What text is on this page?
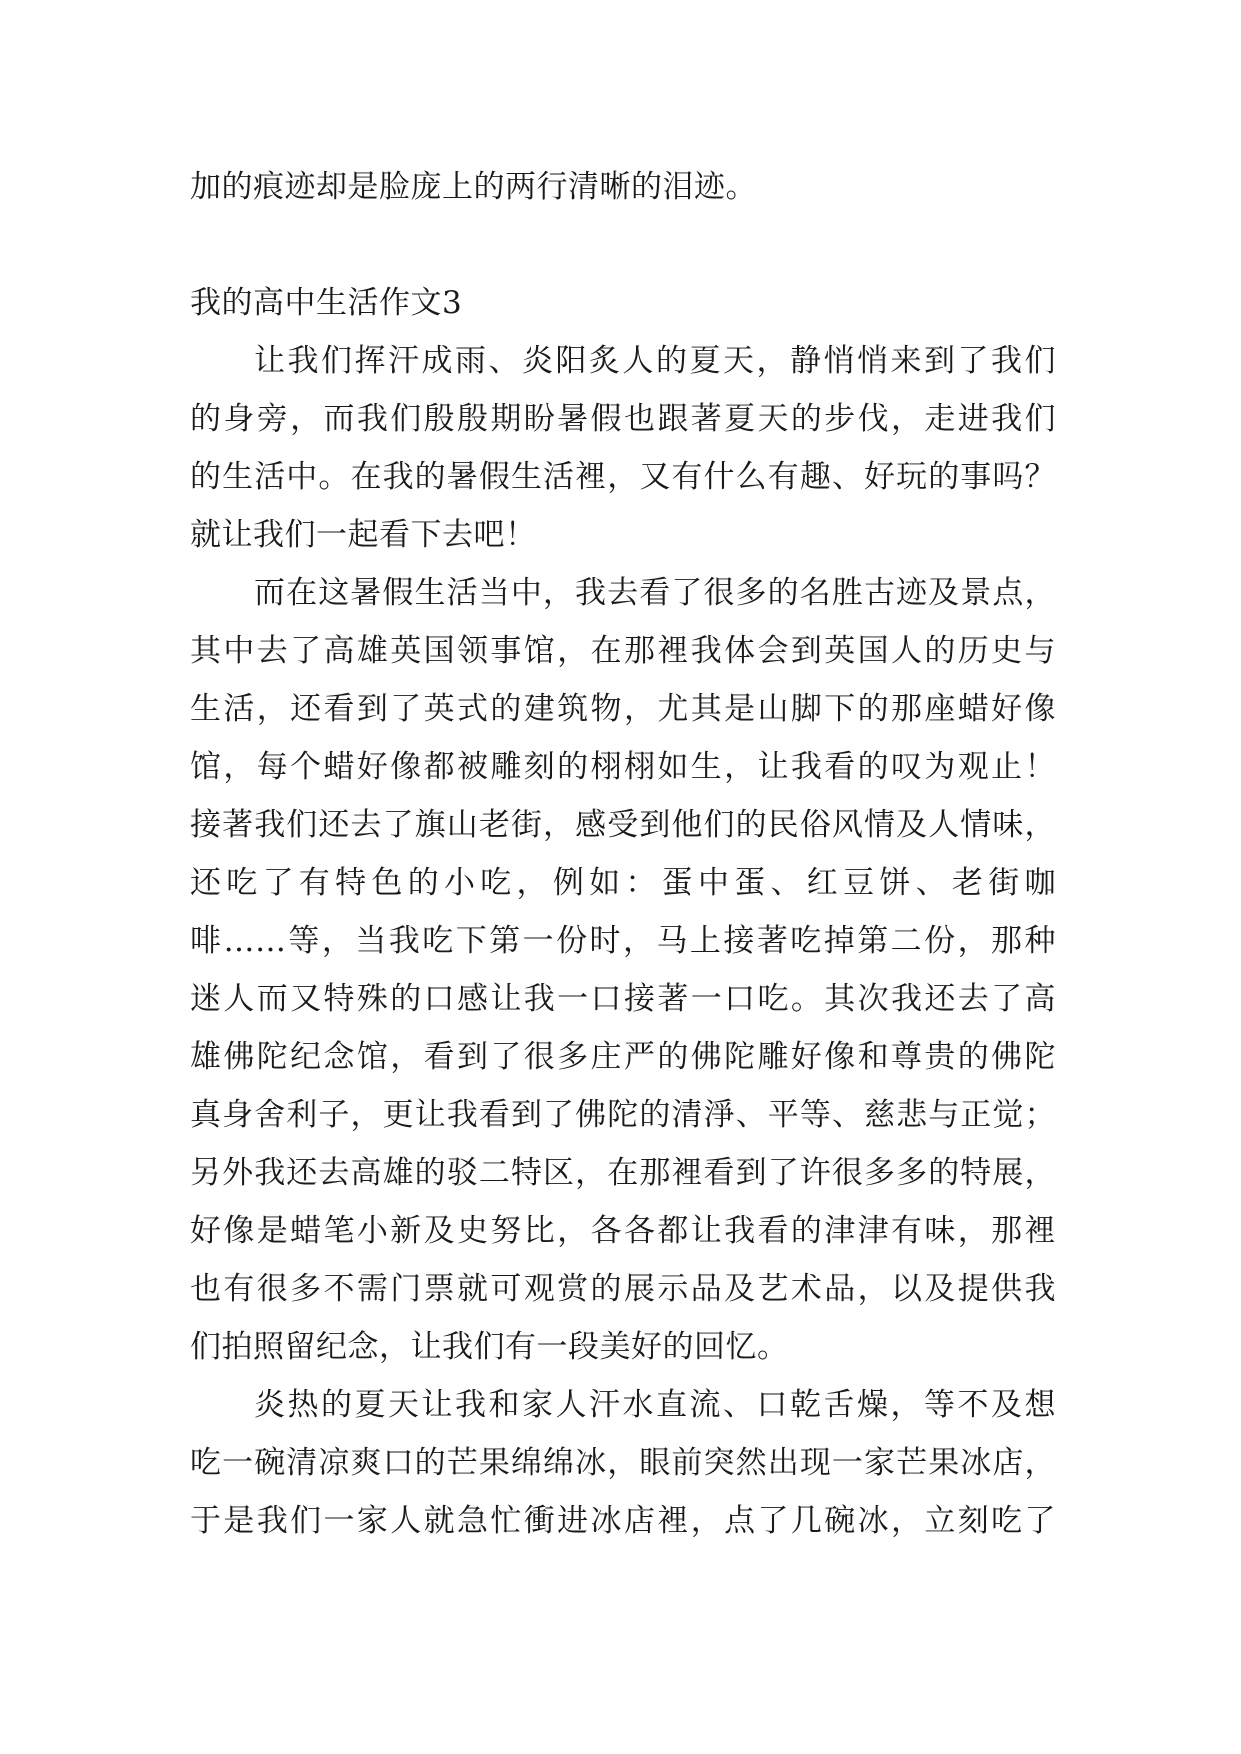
加的痕迹却是脸庞上的两行清晰的泪迹。
我的高中生活作文3
让我们挥汗成雨、炎阳炙人的夏天，静悄悄来到了我们
的身旁，而我们殷殷期盼暑假也跟著夏天的步伐，走进我们
的生活中。在我的暑假生活裡，又有什么有趣、好玩的事吗？
就让我们一起看下去吧！
而在这暑假生活当中，我去看了很多的名胜古迹及景点，
其中去了高雄英国领事馆，在那裡我体会到英国人的历史与
生活，还看到了英式的建筑物，尤其是山脚下的那座蜡好像
馆，每个蜡好像都被雕刻的栩栩如生，让我看的叹为观止！
接著我们还去了旗山老街，感受到他们的民俗风情及人情味，
还吃了有特色的小吃，例如：蛋中蛋、红豆饼、老街咖
啡……等，当我吃下第一份时，马上接著吃掉第二份，那种
迷人而又特殊的口感让我一口接著一口吃。其次我还去了高
雄佛陀纪念馆，看到了很多庄严的佛陀雕好像和尊贵的佛陀
真身舍利子，更让我看到了佛陀的清淨、平等、慈悲与正觉；
另外我还去高雄的驳二特区，在那裡看到了许很多多的特展，
好像是蜡笔小新及史努比，各各都让我看的津津有味，那裡
也有很多不需门票就可观赏的展示品及艺术品，以及提供我
们拍照留纪念，让我们有一段美好的回忆。
炎热的夏天让我和家人汗水直流、口乾舌燥，等不及想
吃一碗清凉爽口的芒果绵绵冰，眼前突然出现一家芒果冰店，
于是我们一家人就急忙衝进冰店裡，点了几碗冰，立刻吃了
